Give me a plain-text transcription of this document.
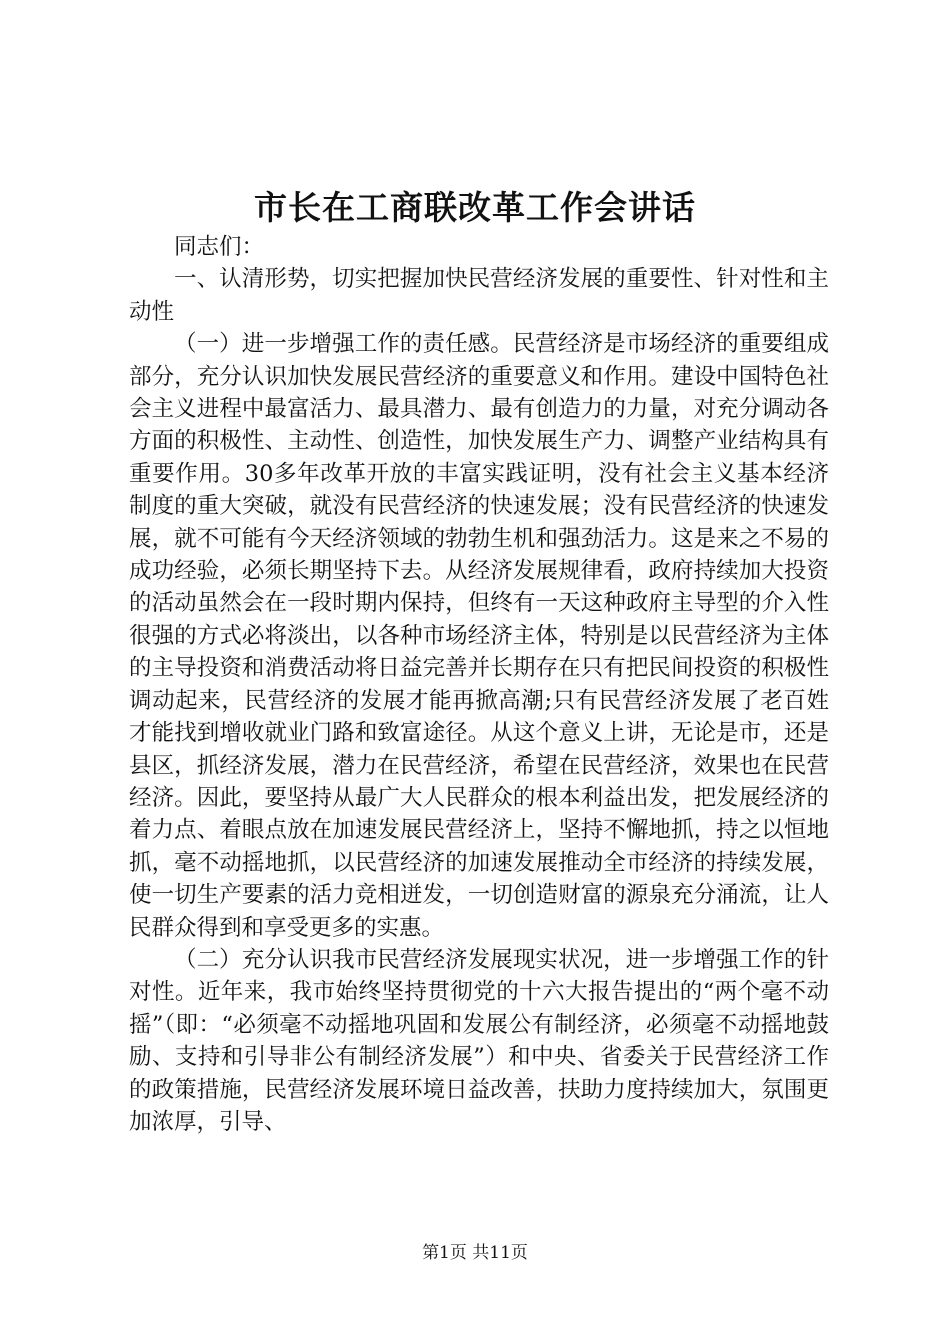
市长在工商联改革工作会讲话

同志们：

一、认清形势，切实把握加快民营经济发展的重要性、针对性和主动性

（一）进一步增强工作的责任感。民营经济是市场经济的重要组成部分，充分认识加快发展民营经济的重要意义和作用。建设中国特色社会主义进程中最富活力、最具潜力、最有创造力的力量，对充分调动各方面的积极性、主动性、创造性，加快发展生产力、调整产业结构具有重要作用。30多年改革开放的丰富实践证明，没有社会主义基本经济制度的重大突破，就没有民营经济的快速发展；没有民营经济的快速发展，就不可能有今天经济领域的勃勃生机和强劲活力。这是来之不易的成功经验，必须长期坚持下去。从经济发展规律看，政府持续加大投资的活动虽然会在一段时期内保持，但终有一天这种政府主导型的介入性很强的方式必将淡出，以各种市场经济主体，特别是以民营经济为主体的主导投资和消费活动将日益完善并长期存在只有把民间投资的积极性调动起来，民营经济的发展才能再掀高潮;只有民营经济发展了老百姓才能找到增收就业门路和致富途径。从这个意义上讲，无论是市，还是县区，抓经济发展，潜力在民营经济，希望在民营经济，效果也在民营经济。因此，要坚持从最广大人民群众的根本利益出发，把发展经济的着力点、着眼点放在加速发展民营经济上，坚持不懈地抓，持之以恒地抓，毫不动摇地抓，以民营经济的加速发展推动全市经济的持续发展，使一切生产要素的活力竞相迸发，一切创造财富的源泉充分涌流，让人民群众得到和享受更多的实惠。

（二）充分认识我市民营经济发展现实状况，进一步增强工作的针对性。近年来，我市始终坚持贯彻党的十六大报告提出的“两个毫不动摇”（即：“必须毫不动摇地巩固和发展公有制经济，必须毫不动摇地鼓励、支持和引导非公有制经济发展”）和中央、省委关于民营经济工作的政策措施，民营经济发展环境日益改善，扶助力度持续加大，氛围更加浓厚，引导、

第1页 共11页
